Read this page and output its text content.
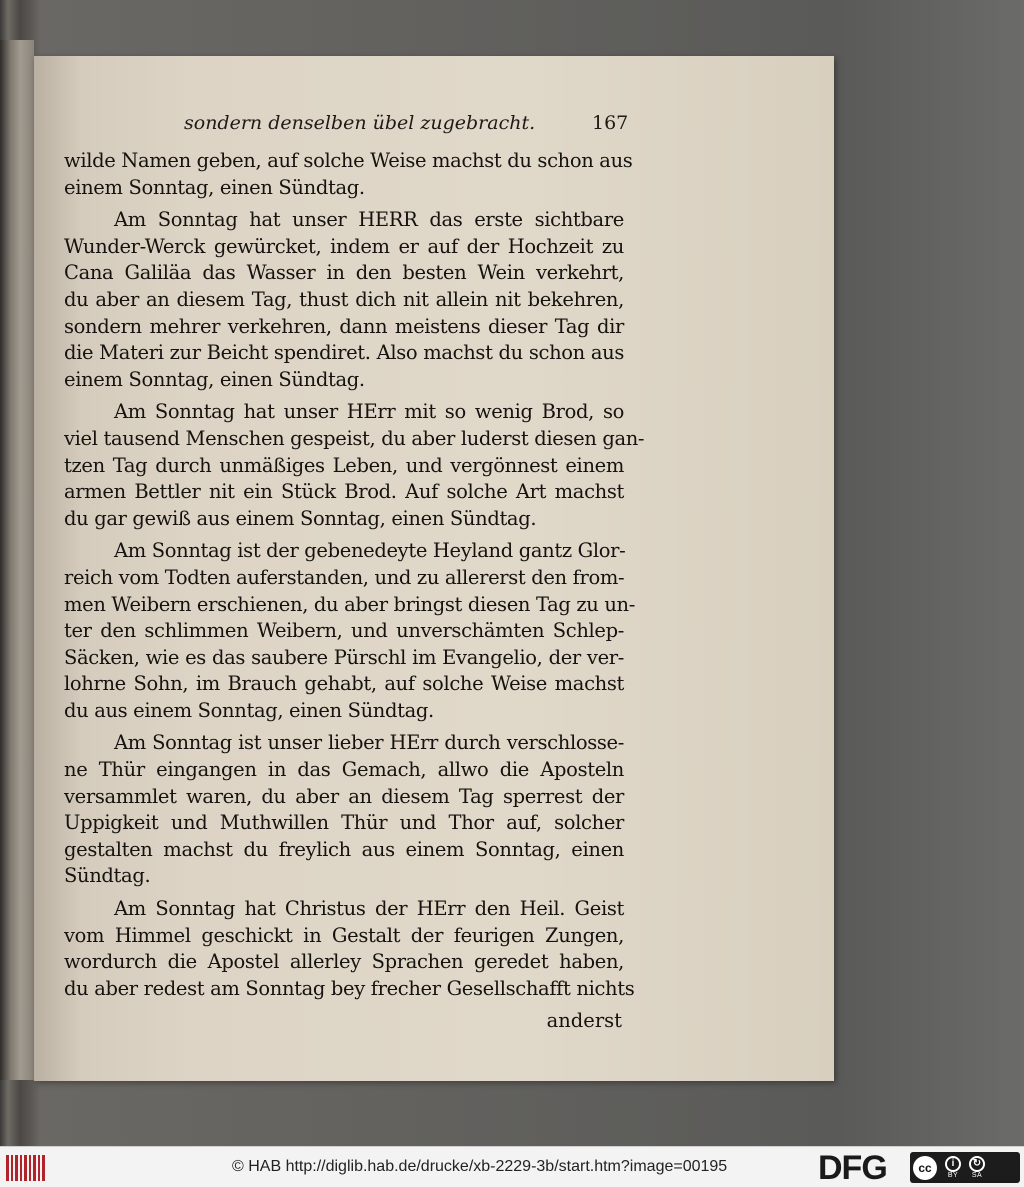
sondern denselben übel zugebracht.	167
wilde Namen geben, auf solche Weise machst du schon aus
einem Sonntag, einen Sündtag.
Am Sonntag hat unser HERR das erste sichtbare
Wunder-Werck gewürcket, indem er auf der Hochzeit zu
Cana Galiläa das Wasser in den besten Wein verkehrt,
du aber an diesem Tag, thust dich nit allein nit bekehren,
sondern mehrer verkehren, dann meistens dieser Tag dir
die Materi zur Beicht spendiret. Also machst du schon aus
einem Sonntag, einen Sündtag.
Am Sonntag hat unser HErr mit so wenig Brod, so
viel tausend Menschen gespeist, du aber luderst diesen gan-
tzen Tag durch unmäßiges Leben, und vergönnest einem
armen Bettler nit ein Stück Brod. Auf solche Art machst
du gar gewiß aus einem Sonntag, einen Sündtag.
Am Sonntag ist der gebenedeyte Heyland gantz Glor-
reich vom Todten auferstanden, und zu allererst den from-
men Weibern erschienen, du aber bringst diesen Tag zu un-
ter den schlimmen Weibern, und unverschämten Schlep-
Säcken, wie es das saubere Pürschl im Evangelio, der ver-
lohrne Sohn, im Brauch gehabt, auf solche Weise machst
du aus einem Sonntag, einen Sündtag.
Am Sonntag ist unser lieber HErr durch verschlosse-
ne Thür eingangen in das Gemach, allwo die Aposteln
versammlet waren, du aber an diesem Tag sperrest der
Uppigkeit und Muthwillen Thür und Thor auf, solcher
gestalten machst du freylich aus einem Sonntag, einen
Sündtag.
Am Sonntag hat Christus der HErr den Heil. Geist
vom Himmel geschickt in Gestalt der feurigen Zungen,
wordurch die Apostel allerley Sprachen geredet haben,
du aber redest am Sonntag bey frecher Gesellschafft nichts
anderst
© HAB http://diglib.hab.de/drucke/xb-2229-3b/start.htm?image=00195	DFG	cc	i
BY
↻
SA
